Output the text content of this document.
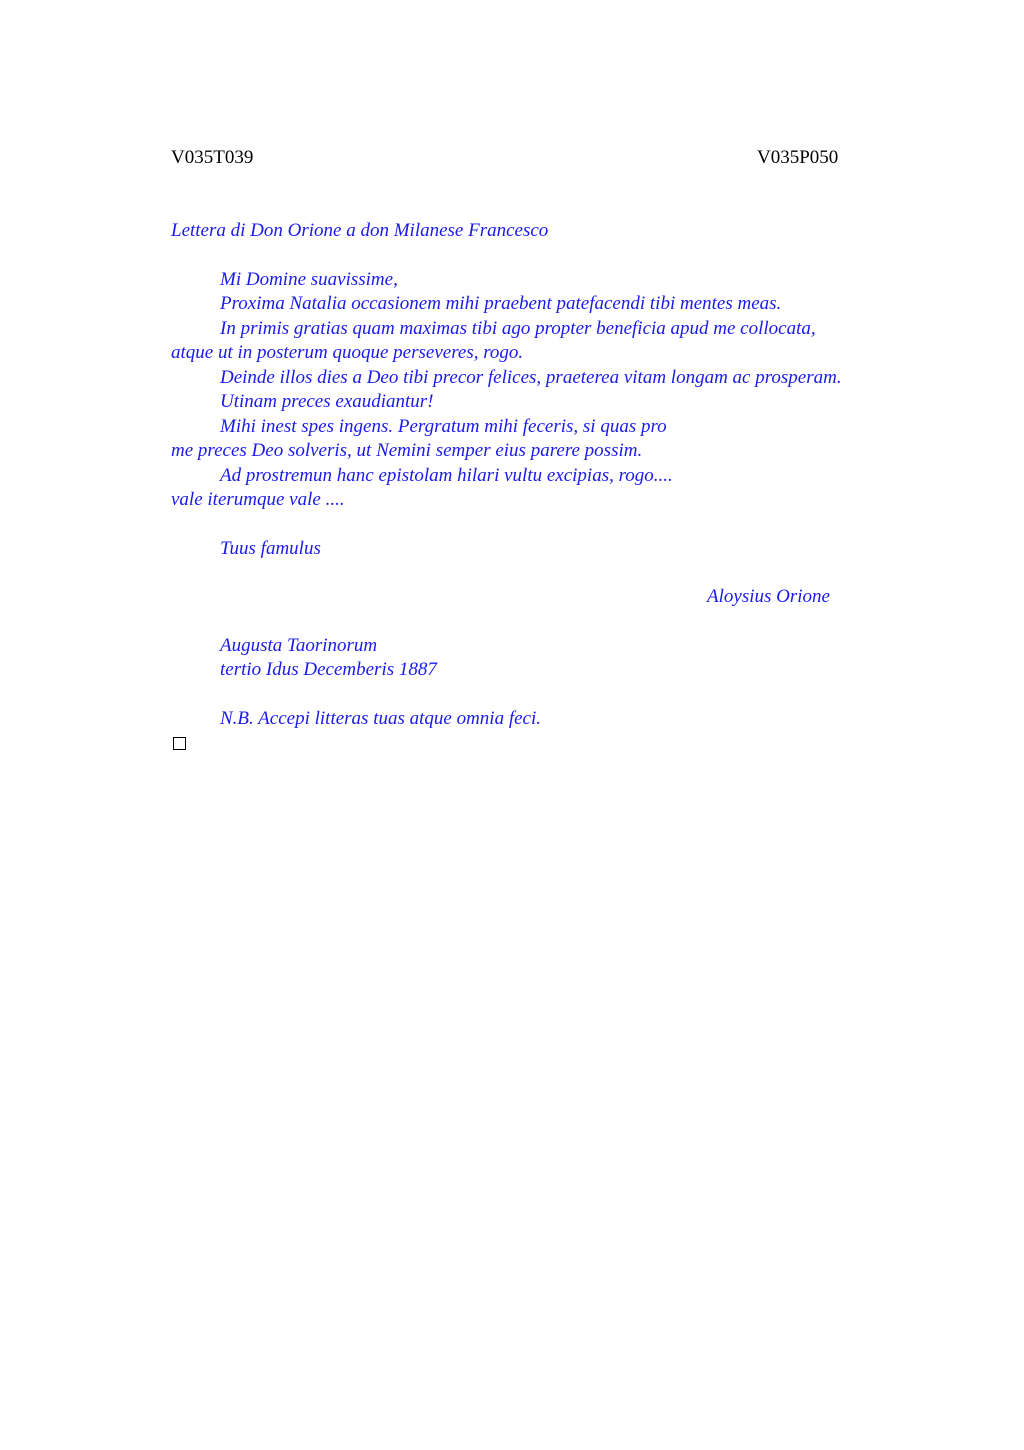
V035T039	V035P050
Lettera di Don Orione a don Milanese Francesco
Mi Domine suavissime,
Proxima Natalia occasionem mihi praebent patefacendi tibi mentes meas.
In primis gratias quam maximas tibi ago propter beneficia apud me collocata,
atque ut in posterum quoque perseveres, rogo.
Deinde illos dies a Deo tibi precor felices, praeterea vitam longam ac prosperam.
Utinam preces exaudiantur!
Mihi inest spes ingens. Pergratum mihi feceris, si quas pro
me preces Deo solveris, ut Nemini semper eius parere possim.
Ad prostremun hanc epistolam hilari vultu excipias, rogo....
vale iterumque vale ....
Tuus famulus
Aloysius Orione
Augusta Taorinorum
tertio Idus Decemberis 1887
N.B. Accepi litteras tuas atque omnia feci.
